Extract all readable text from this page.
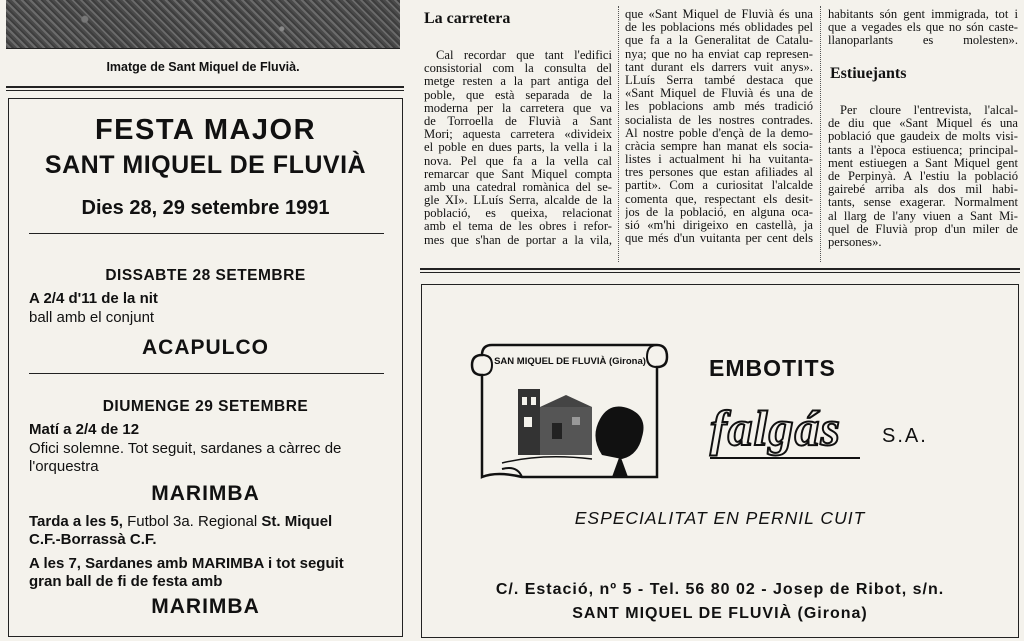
Imatge de Sant Miquel de Fluvià.
FESTA MAJOR
SANT MIQUEL DE FLUVIÀ
Dies 28, 29 setembre 1991
DISSABTE 28 SETEMBRE
A 2/4 d'11 de la nit
ball amb el conjunt
ACAPULCO
DIUMENGE 29 SETEMBRE
Matí a 2/4 de 12
Ofici solemne. Tot seguit, sardanes a càrrec de
l'orquestra
MARIMBA
Tarda a les 5, Futbol 3a. Regional St. Miquel
C.F.-Borrassà C.F.
A les 7, Sardanes amb MARIMBA i tot seguit
gran ball de fi de festa amb
MARIMBA
La carretera
Cal recordar que tant l'edifici
consistorial com la consulta del
metge resten a la part antiga del
poble, que està separada de la
moderna per la carretera que va
de Torroella de Fluvià a Sant
Mori; aquesta carretera «divideix
el poble en dues parts, la vella i la
nova. Pel que fa a la vella cal
remarcar que Sant Miquel compta
amb una catedral romànica del se-
gle XI». LLuís Serra, alcalde de la
població, es queixa, relacionat
amb el tema de les obres i refor-
mes que s'han de portar a la vila,
que «Sant Miquel de Fluvià és una
de les poblacions més oblidades pel
que fa a la Generalitat de Catalu-
nya; que no ha enviat cap represen-
tant durant els darrers vuit anys».
LLuís Serra també destaca que
«Sant Miquel de Fluvià és una de
les poblacions amb més tradició
socialista de les nostres contrades.
Al nostre poble d'ençà de la demo-
cràcia sempre han manat els socia-
listes i actualment hi ha vuitanta-
tres persones que estan afiliades al
partit». Com a curiositat l'alcalde
comenta que, respectant els desit-
jos de la població, en alguna oca-
sió «m'hi dirigeixo en castellà, ja
que més d'un vuitanta per cent dels
habitants són gent immigrada, tot i
que a vegades els que no són caste-
llanoparlants es molesten».
Estiuejants
Per cloure l'entrevista, l'alcal-
de diu que «Sant Miquel és una
població que gaudeix de molts visi-
tants a l'època estiuenca; principal-
ment estiuegen a Sant Miquel gent
de Perpinyà. A l'estiu la població
gairebé arriba als dos mil habi-
tants, sense exagerar. Normalment
al llarg de l'any viuen a Sant Mi-
quel de Fluvià prop d'un miler de
persones».
SAN MIQUEL DE FLUVIÀ (Girona)	EMBOTITS
falgás S.A.
ESPECIALITAT EN PERNIL CUIT
C/. Estació, nº 5 - Tel. 56 80 02 - Josep de Ribot, s/n.
SANT MIQUEL DE FLUVIÀ (Girona)
